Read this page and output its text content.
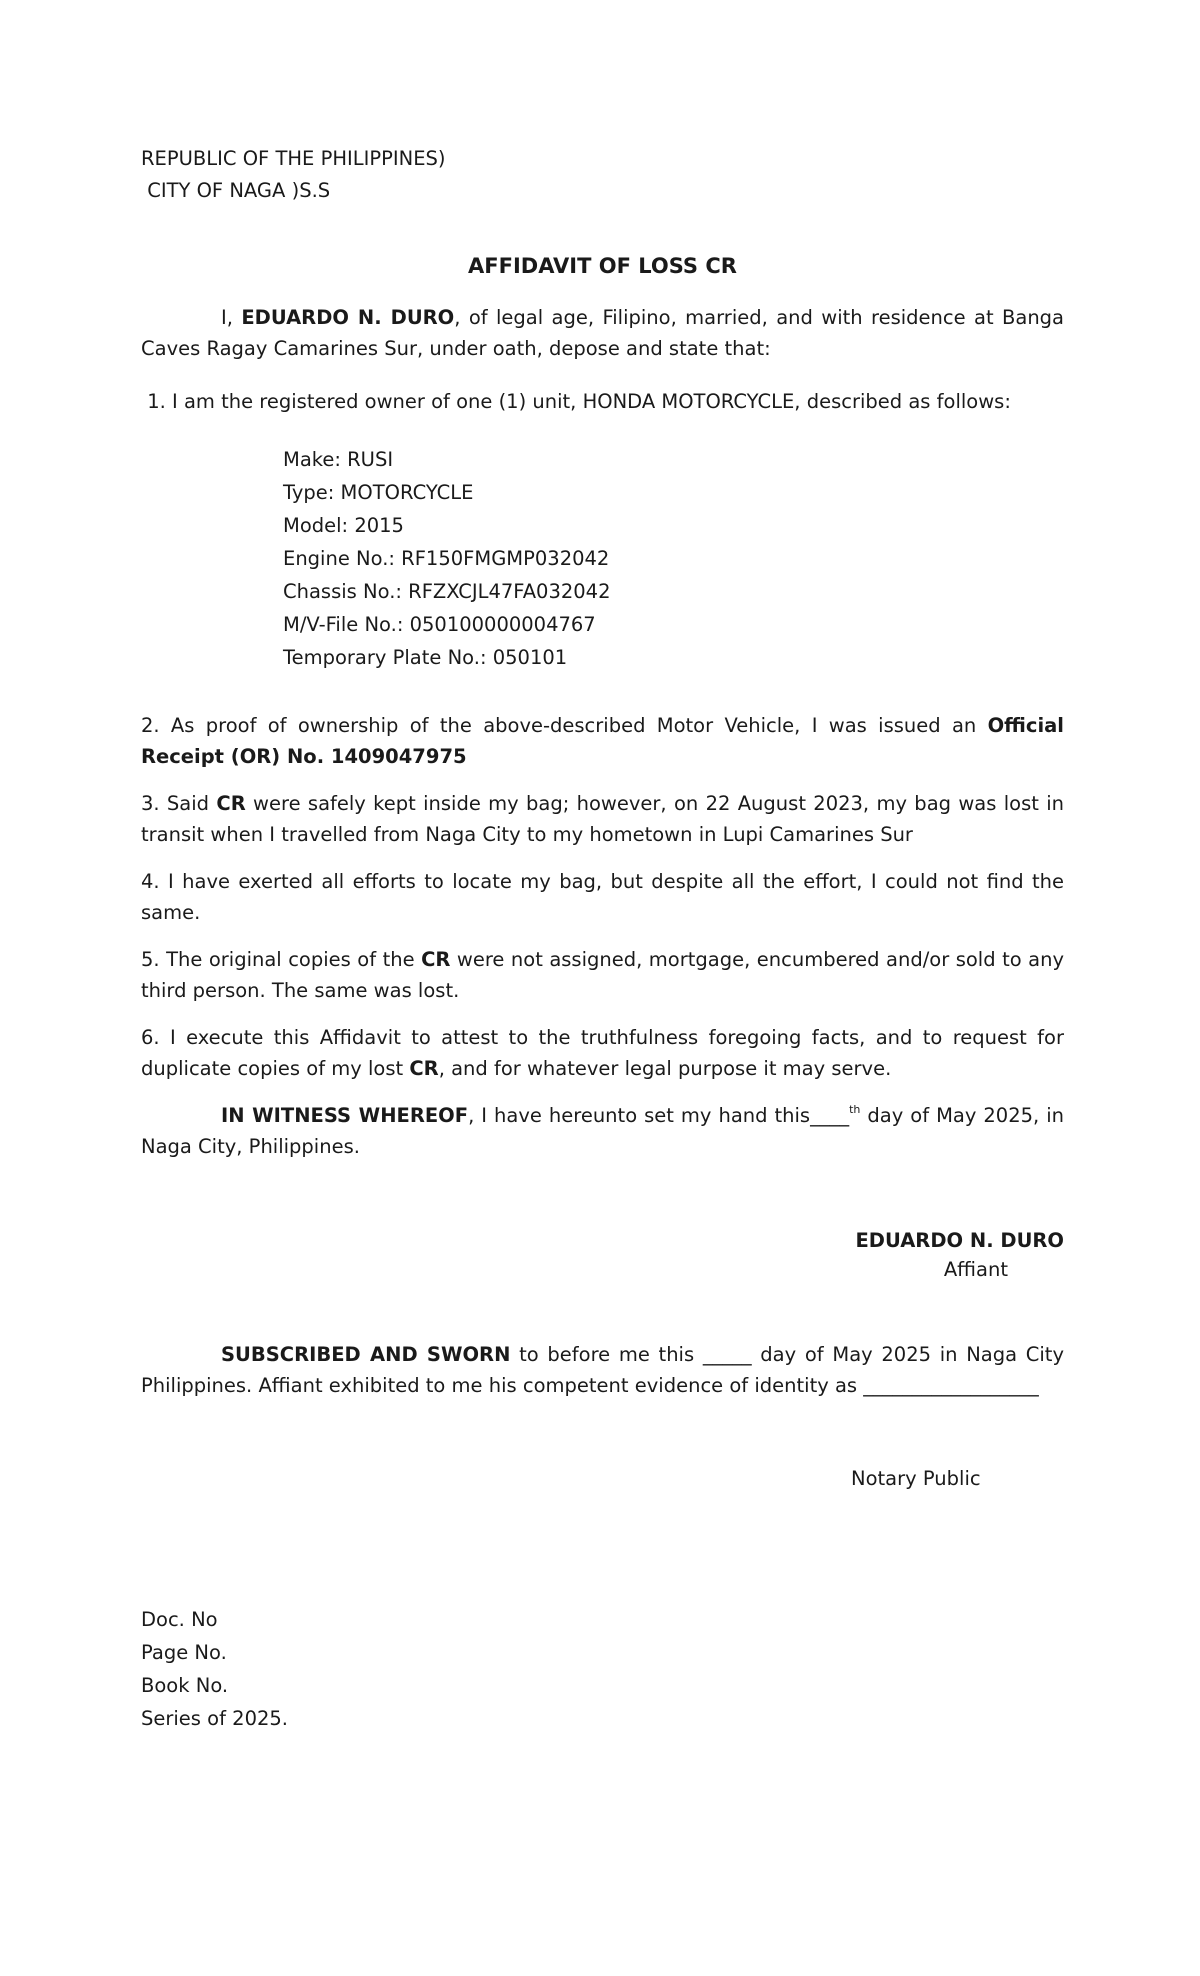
REPUBLIC OF THE PHILIPPINES)
CITY OF NAGA )S.S
AFFIDAVIT OF LOSS CR
I, EDUARDO N. DURO, of legal age, Filipino, married, and with residence at Banga Caves Ragay Camarines Sur, under oath, depose and state that:
1. I am the registered owner of one (1) unit, HONDA MOTORCYCLE, described as follows:
Make: RUSI
Type: MOTORCYCLE
Model: 2015
Engine No.: RF150FMGMP032042
Chassis No.: RFZXCJL47FA032042
M/V-File No.: 050100000004767
Temporary Plate No.: 050101
2. As proof of ownership of the above-described Motor Vehicle, I was issued an Official Receipt (OR) No. 1409047975
3. Said CR were safely kept inside my bag; however, on 22 August 2023, my bag was lost in transit when I travelled from Naga City to my hometown in Lupi Camarines Sur
4. I have exerted all efforts to locate my bag, but despite all the effort, I could not find the same.
5. The original copies of the CR were not assigned, mortgage, encumbered and/or sold to any third person. The same was lost.
6. I execute this Affidavit to attest to the truthfulness foregoing facts, and to request for duplicate copies of my lost CR, and for whatever legal purpose it may serve.
IN WITNESS WHEREOF, I have hereunto set my hand this____$^{th}$ day of May 2025, in Naga City, Philippines.
EDUARDO N. DURO
Affiant
SUBSCRIBED AND SWORN to before me this _____ day of May 2025 in Naga City Philippines. Affiant exhibited to me his competent evidence of identity as __________________
Notary Public
Doc. No
Page No.
Book No.
Series of 2025.
